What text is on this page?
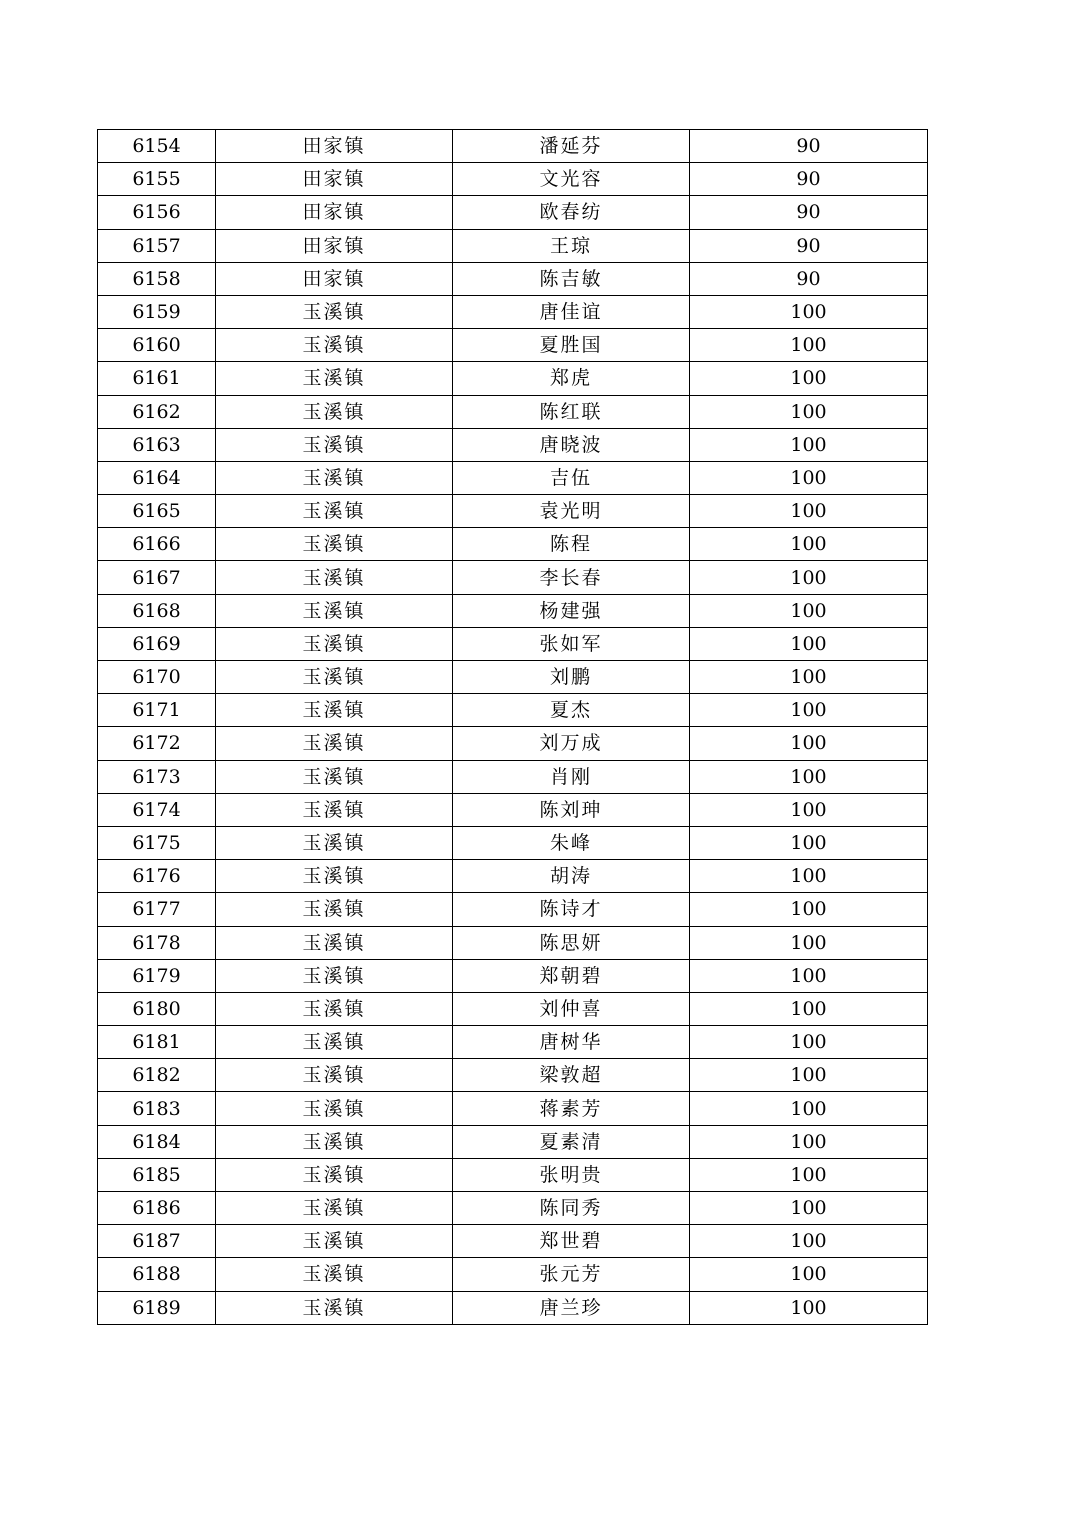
6154	田家镇	潘延芬	90
6155	田家镇	文光容	90
6156	田家镇	欧春纺	90
6157	田家镇	王琼	90
6158	田家镇	陈吉敏	90
6159	玉溪镇	唐佳谊	100
6160	玉溪镇	夏胜国	100
6161	玉溪镇	郑虎	100
6162	玉溪镇	陈红联	100
6163	玉溪镇	唐晓波	100
6164	玉溪镇	吉伍	100
6165	玉溪镇	袁光明	100
6166	玉溪镇	陈程	100
6167	玉溪镇	李长春	100
6168	玉溪镇	杨建强	100
6169	玉溪镇	张如军	100
6170	玉溪镇	刘鹏	100
6171	玉溪镇	夏杰	100
6172	玉溪镇	刘万成	100
6173	玉溪镇	肖刚	100
6174	玉溪镇	陈刘珅	100
6175	玉溪镇	朱峰	100
6176	玉溪镇	胡涛	100
6177	玉溪镇	陈诗才	100
6178	玉溪镇	陈思妍	100
6179	玉溪镇	郑朝碧	100
6180	玉溪镇	刘仲喜	100
6181	玉溪镇	唐树华	100
6182	玉溪镇	梁敦超	100
6183	玉溪镇	蒋素芳	100
6184	玉溪镇	夏素清	100
6185	玉溪镇	张明贵	100
6186	玉溪镇	陈同秀	100
6187	玉溪镇	郑世碧	100
6188	玉溪镇	张元芳	100
6189	玉溪镇	唐兰珍	100
